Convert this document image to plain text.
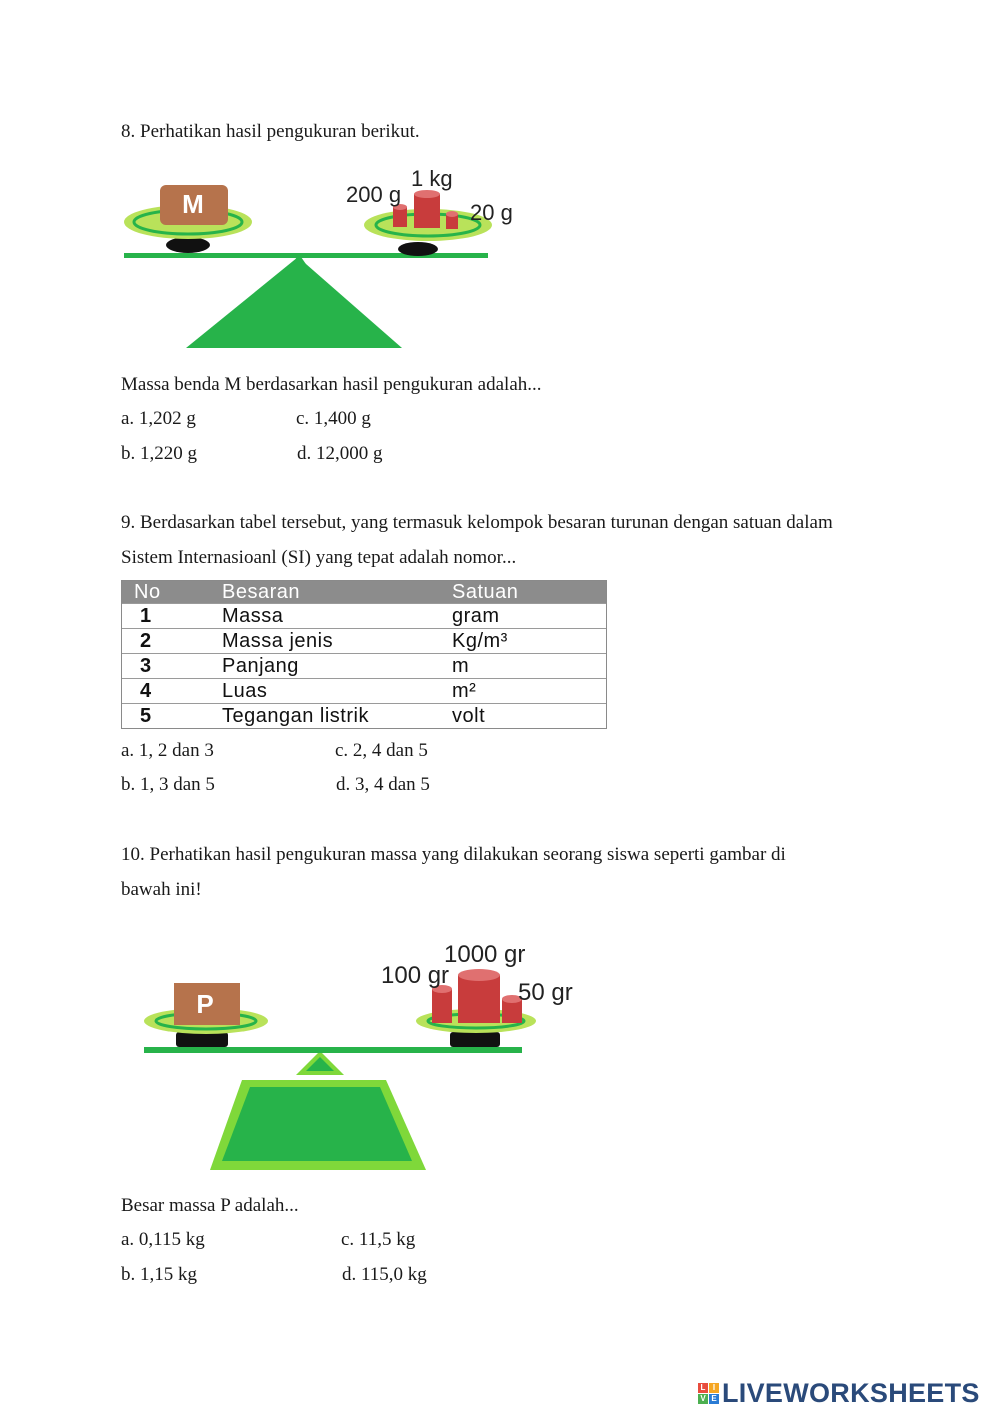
8. Perhatikan hasil pengukuran berikut.
M	200 g
1 kg
20 g
Massa benda M berdasarkan hasil pengukuran adalah...
a. 1,202 g	c. 1,400 g
b. 1,220 g	d. 12,000 g
9. Berdasarkan tabel tersebut, yang termasuk kelompok besaran turunan dengan satuan dalam
Sistem Internasioanl (SI) yang tepat adalah nomor...
No	Besaran	Satuan
1	Massa	gram
2	Massa jenis	Kg/m³
3	Panjang	m
4	Luas	m²
5	Tegangan listrik	volt
a. 1, 2 dan 3	c. 2, 4 dan 5
b. 1, 3 dan 5	d. 3, 4 dan 5
10. Perhatikan hasil pengukuran massa yang dilakukan seorang siswa seperti gambar di
bawah ini!
P
100 gr
1000 gr
50 gr
Besar massa P adalah...
a. 0,115 kg	c. 11,5 kg
b. 1,15 kg	d. 115,0 kg
L I
V E LIVEWORKSHEETS
